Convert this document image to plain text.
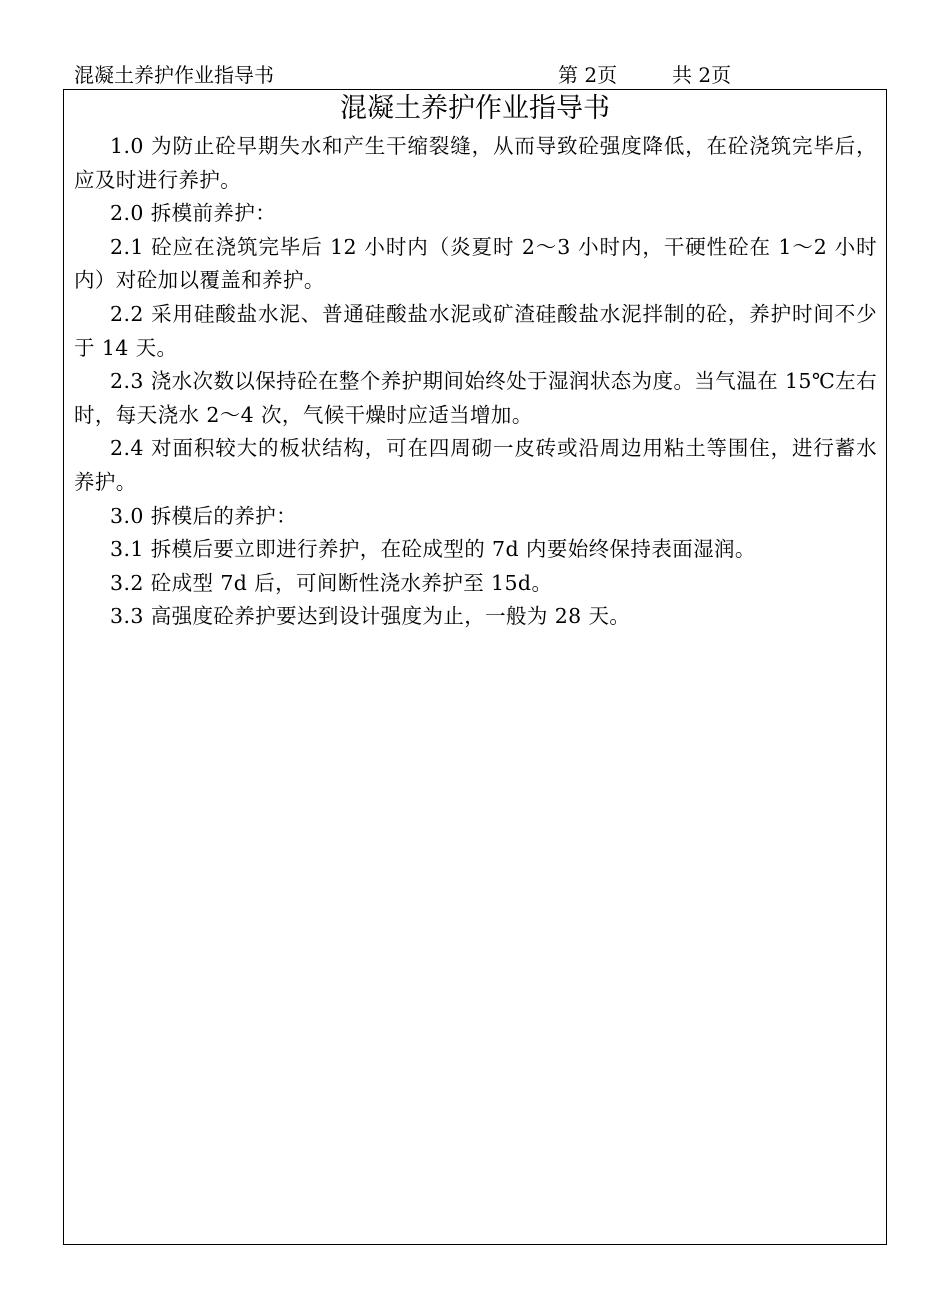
混凝土养护作业指导书	第 2页	共 2页
混凝土养护作业指导书

1.0 为防止砼早期失水和产生干缩裂缝，从而导致砼强度降低，在砼浇筑完毕后，应及时进行养护。

2.0 拆模前养护：

2.1 砼应在浇筑完毕后 12 小时内（炎夏时 2～3 小时内，干硬性砼在 1～2 小时内）对砼加以覆盖和养护。

2.2 采用硅酸盐水泥、普通硅酸盐水泥或矿渣硅酸盐水泥拌制的砼，养护时间不少于 14 天。

2.3 浇水次数以保持砼在整个养护期间始终处于湿润状态为度。当气温在 15℃左右时，每天浇水 2～4 次，气候干燥时应适当增加。

2.4 对面积较大的板状结构，可在四周砌一皮砖或沿周边用粘土等围住，进行蓄水养护。

3.0 拆模后的养护：

3.1 拆模后要立即进行养护，在砼成型的 7d 内要始终保持表面湿润。

3.2 砼成型 7d 后，可间断性浇水养护至 15d。

3.3 高强度砼养护要达到设计强度为止，一般为 28 天。
